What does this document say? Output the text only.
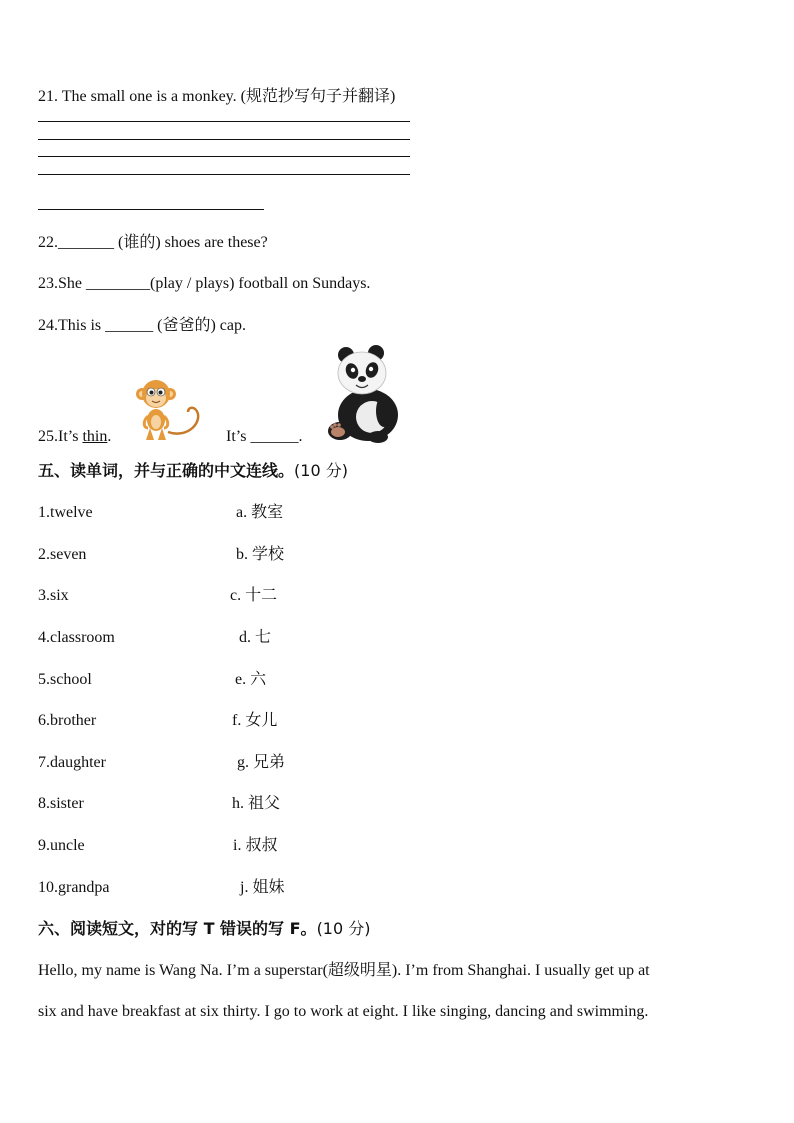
21. The small one is a monkey. (规范抄写句子并翻译)
22._______ (谁的) shoes are these?
23.She ________(play / plays) football on Sundays.
24.This is ______ (爸爸的) cap.
25.It’s thin.	It’s ______.
五、读单词，并与正确的中文连线。(10 分)
1.twelve
2.seven
3.six
4.classroom
5.school
6.brother
7.daughter
8.sister
9.uncle
10.grandpa
a. 教室
b. 学校
c. 十二
d. 七
e. 六
f. 女儿
g. 兄弟
h. 祖父
i. 叔叔
j. 姐妹
六、阅读短文，对的写 T 错误的写 F。(10 分)
Hello, my name is Wang Na. I’m a superstar(超级明星). I’m from Shanghai. I usually get up at
six and have breakfast at six thirty. I go to work at eight. I like singing, dancing and swimming.
